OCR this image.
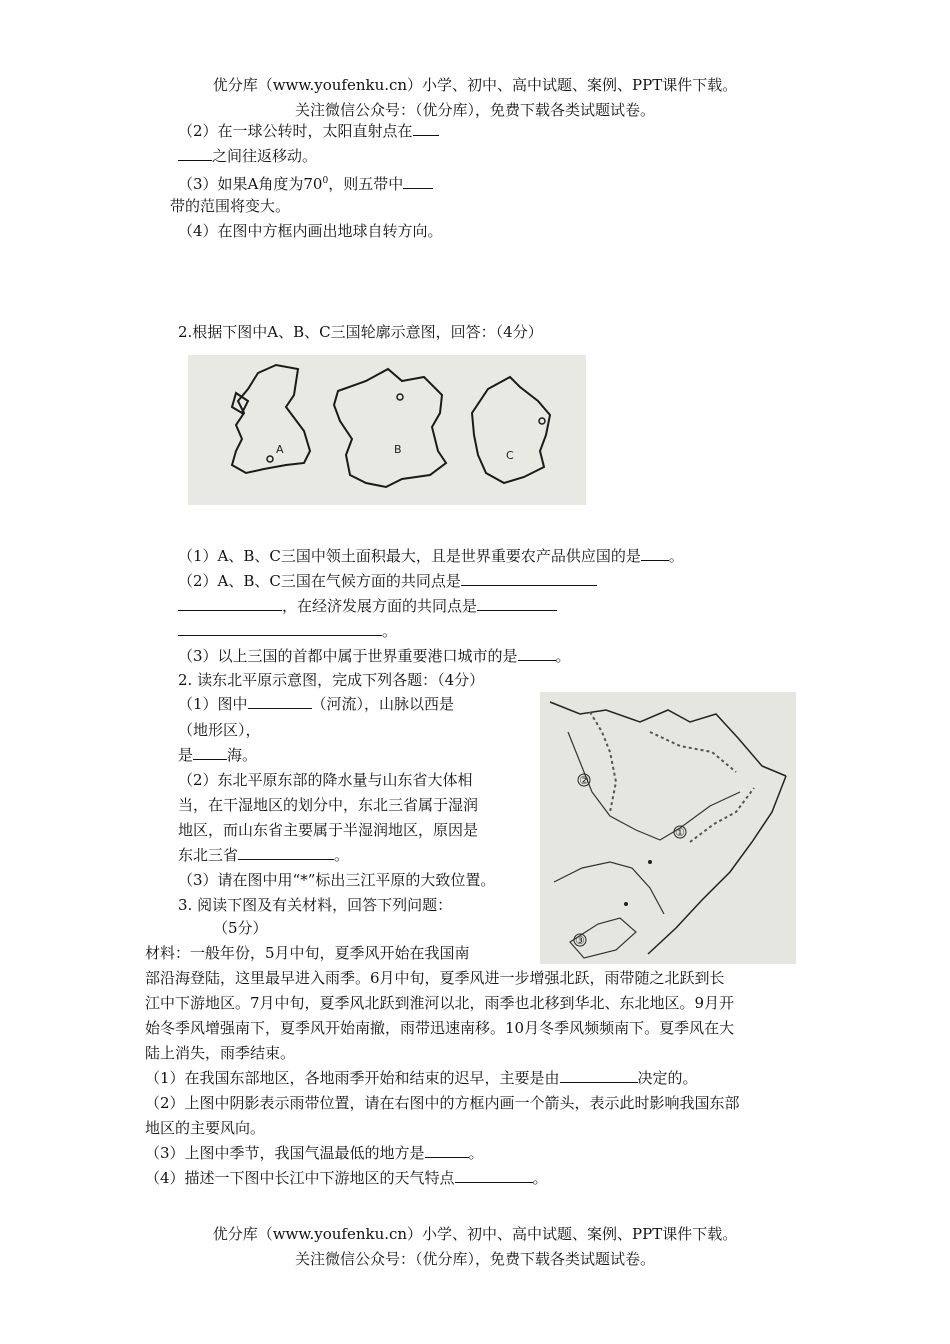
优分库（www.youfenku.cn）小学、初中、高中试题、案例、PPT课件下载。
关注微信公众号：（优分库），免费下载各类试题试卷。
（2）在一球公转时，太阳直射点在
之间往返移动。
（3）如果A角度为$70^0$，则五带中
带的范围将变大。
（4）在图中方框内画出地球自转方向。
2.根据下图中A、B、C三国轮廓示意图，回答：（4分）
A	B	C
（1）A、B、C三国中领土面积最大，且是世界重要农产品供应国的是 。
（2）A、B、C三国在气候方面的共同点是
，在经济发展方面的共同点是
。
（3）以上三国的首都中属于世界重要港口城市的是	。
2. 读东北平原示意图，完成下列各题：（4分）
①
②
③
（1）图中	（河流），山脉以西是
（地形区），
是 海。
（2）东北平原东部的降水量与山东省大体相
当，在干湿地区的划分中，东北三省属于湿润
地区，而山东省主要属于半湿润地区，原因是
东北三省	。
（3）请在图中用“*”标出三江平原的大致位置。
3. 阅读下图及有关材料，回答下列问题：
（5分）
材料：一般年份，5月中旬，夏季风开始在我国南
部沿海登陆，这里最早进入雨季。6月中旬，夏季风进一步增强北跃，雨带随之北跃到长
江中下游地区。7月中旬，夏季风北跃到淮河以北，雨季也北移到华北、东北地区。9月开
始冬季风增强南下，夏季风开始南撤，雨带迅速南移。10月冬季风频频南下。夏季风在大
陆上消失，雨季结束。
（1）在我国东部地区，各地雨季开始和结束的迟早，主要是由	决定的。
（2）上图中阴影表示雨带位置，请在右图中的方框内画一个箭头，表示此时影响我国东部
地区的主要风向。
（3）上图中季节，我国气温最低的地方是	。
（4）描述一下图中长江中下游地区的天气特点	。
优分库（www.youfenku.cn）小学、初中、高中试题、案例、PPT课件下载。
关注微信公众号：（优分库），免费下载各类试题试卷。
